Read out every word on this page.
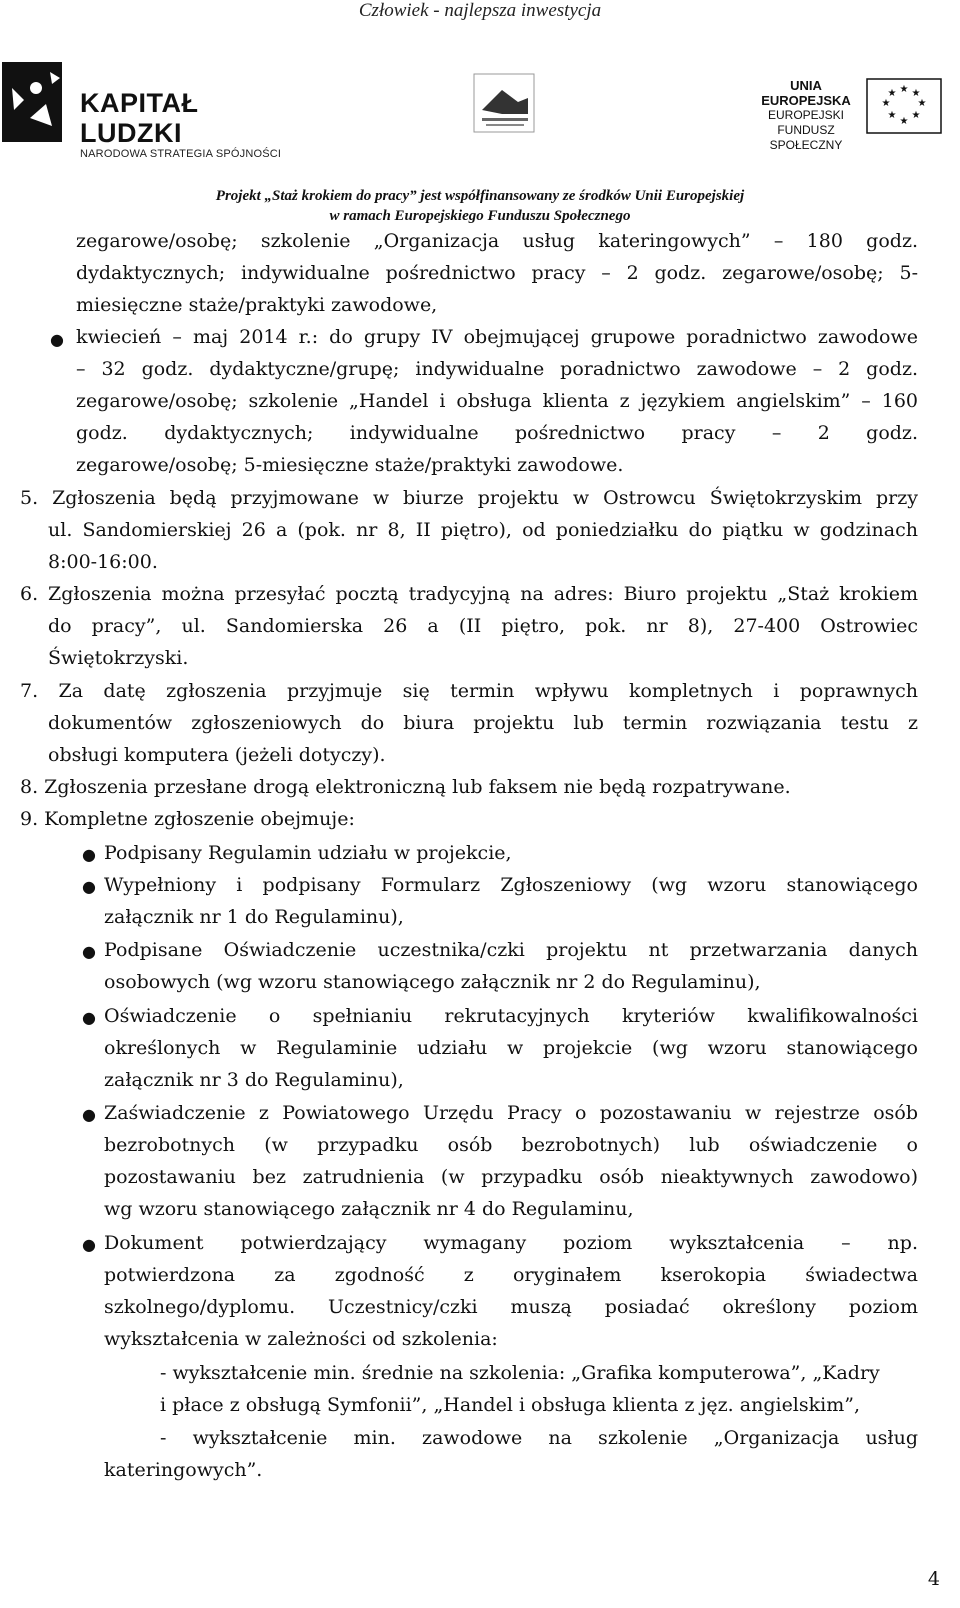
Człowiek - najlepsza inwestycja
KAPITAŁ LUDZKI
NARODOWA STRATEGIA SPÓJNOŚCI
UNIA EUROPEJSKA
EUROPEJSKI
FUNDUSZ SPOŁECZNY
★ ★
★
★
★
★
★
★
Projekt „Staż krokiem do pracy” jest współfinansowany ze środków Unii Europejskiej
w ramach Europejskiego Funduszu Społecznego
zegarowe/osobę; szkolenie „Organizacja usług kateringowych” – 180 godz.
dydaktycznych; indywidualne pośrednictwo pracy – 2 godz. zegarowe/osobę; 5-
miesięczne staże/praktyki zawodowe,
● kwiecień – maj 2014 r.: do grupy IV obejmującej grupowe poradnictwo zawodowe
– 32 godz. dydaktyczne/grupę; indywidualne poradnictwo zawodowe – 2 godz.
zegarowe/osobę; szkolenie „Handel i obsługa klienta z językiem angielskim” – 160
godz. dydaktycznych; indywidualne pośrednictwo pracy – 2 godz.
zegarowe/osobę; 5-miesięczne staże/praktyki zawodowe.
5. Zgłoszenia będą przyjmowane w biurze projektu w Ostrowcu Świętokrzyskim przy
ul. Sandomierskiej 26 a (pok. nr 8, II piętro), od poniedziałku do piątku w godzinach
8:00-16:00.
6. Zgłoszenia można przesyłać pocztą tradycyjną na adres: Biuro projektu „Staż krokiem
do pracy”, ul. Sandomierska 26 a (II piętro, pok. nr 8), 27-400 Ostrowiec
Świętokrzyski.
7. Za datę zgłoszenia przyjmuje się termin wpływu kompletnych i poprawnych
dokumentów zgłoszeniowych do biura projektu lub termin rozwiązania testu z
obsługi komputera (jeżeli dotyczy).
8. Zgłoszenia przesłane drogą elektroniczną lub faksem nie będą rozpatrywane.
9. Kompletne zgłoszenie obejmuje:
● Podpisany Regulamin udziału w projekcie,
● Wypełniony i podpisany Formularz Zgłoszeniowy (wg wzoru stanowiącego
załącznik nr 1 do Regulaminu),
● Podpisane Oświadczenie uczestnika/czki projektu nt przetwarzania danych
osobowych (wg wzoru stanowiącego załącznik nr 2 do Regulaminu),
● Oświadczenie o spełnianiu rekrutacyjnych kryteriów kwalifikowalności
określonych w Regulaminie udziału w projekcie (wg wzoru stanowiącego
załącznik nr 3 do Regulaminu),
● Zaświadczenie z Powiatowego Urzędu Pracy o pozostawaniu w rejestrze osób
bezrobotnych (w przypadku osób bezrobotnych) lub oświadczenie o
pozostawaniu bez zatrudnienia (w przypadku osób nieaktywnych zawodowo)
wg wzoru stanowiącego załącznik nr 4 do Regulaminu,
● Dokument potwierdzający wymagany poziom wykształcenia – np.
potwierdzona za zgodność z oryginałem kserokopia świadectwa
szkolnego/dyplomu. Uczestnicy/czki muszą posiadać określony poziom
wykształcenia w zależności od szkolenia:
- wykształcenie min. średnie na szkolenia: „Grafika komputerowa”, „Kadry
i płace z obsługą Symfonii”, „Handel i obsługa klienta z jęz. angielskim”,
- wykształcenie min. zawodowe na szkolenie „Organizacja usług
kateringowych”.
4
